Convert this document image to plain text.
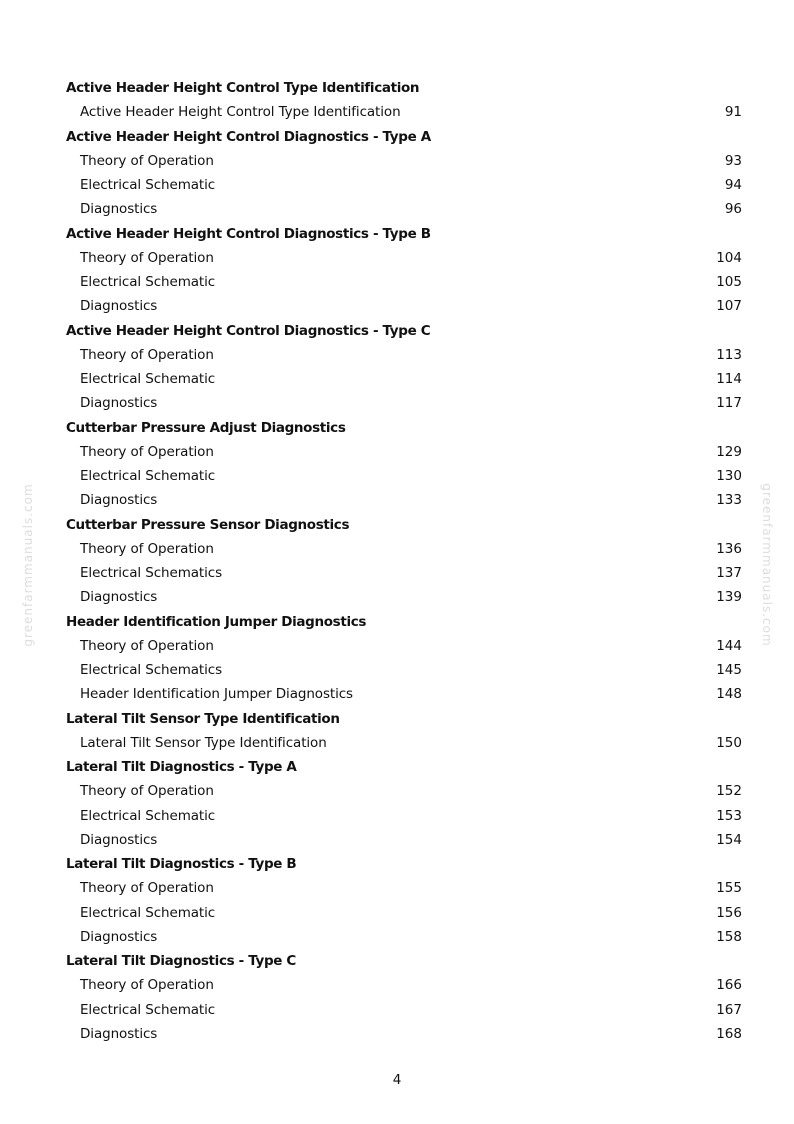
greenfarmmanuals.com	greenfarmmanuals.com
Active Header Height Control Type Identification
Active Header Height Control Type Identification	91
Active Header Height Control Diagnostics - Type A
Theory of Operation	93
Electrical Schematic	94
Diagnostics	96
Active Header Height Control Diagnostics - Type B
Theory of Operation	104
Electrical Schematic	105
Diagnostics	107
Active Header Height Control Diagnostics - Type C
Theory of Operation	113
Electrical Schematic	114
Diagnostics	117
Cutterbar Pressure Adjust Diagnostics
Theory of Operation	129
Electrical Schematic	130
Diagnostics	133
Cutterbar Pressure Sensor Diagnostics
Theory of Operation	136
Electrical Schematics	137
Diagnostics	139
Header Identification Jumper Diagnostics
Theory of Operation	144
Electrical Schematics	145
Header Identification Jumper Diagnostics	148
Lateral Tilt Sensor Type Identification
Lateral Tilt Sensor Type Identification	150
Lateral Tilt Diagnostics - Type A
Theory of Operation	152
Electrical Schematic	153
Diagnostics	154
Lateral Tilt Diagnostics - Type B
Theory of Operation	155
Electrical Schematic	156
Diagnostics	158
Lateral Tilt Diagnostics - Type C
Theory of Operation	166
Electrical Schematic	167
Diagnostics	168
4
